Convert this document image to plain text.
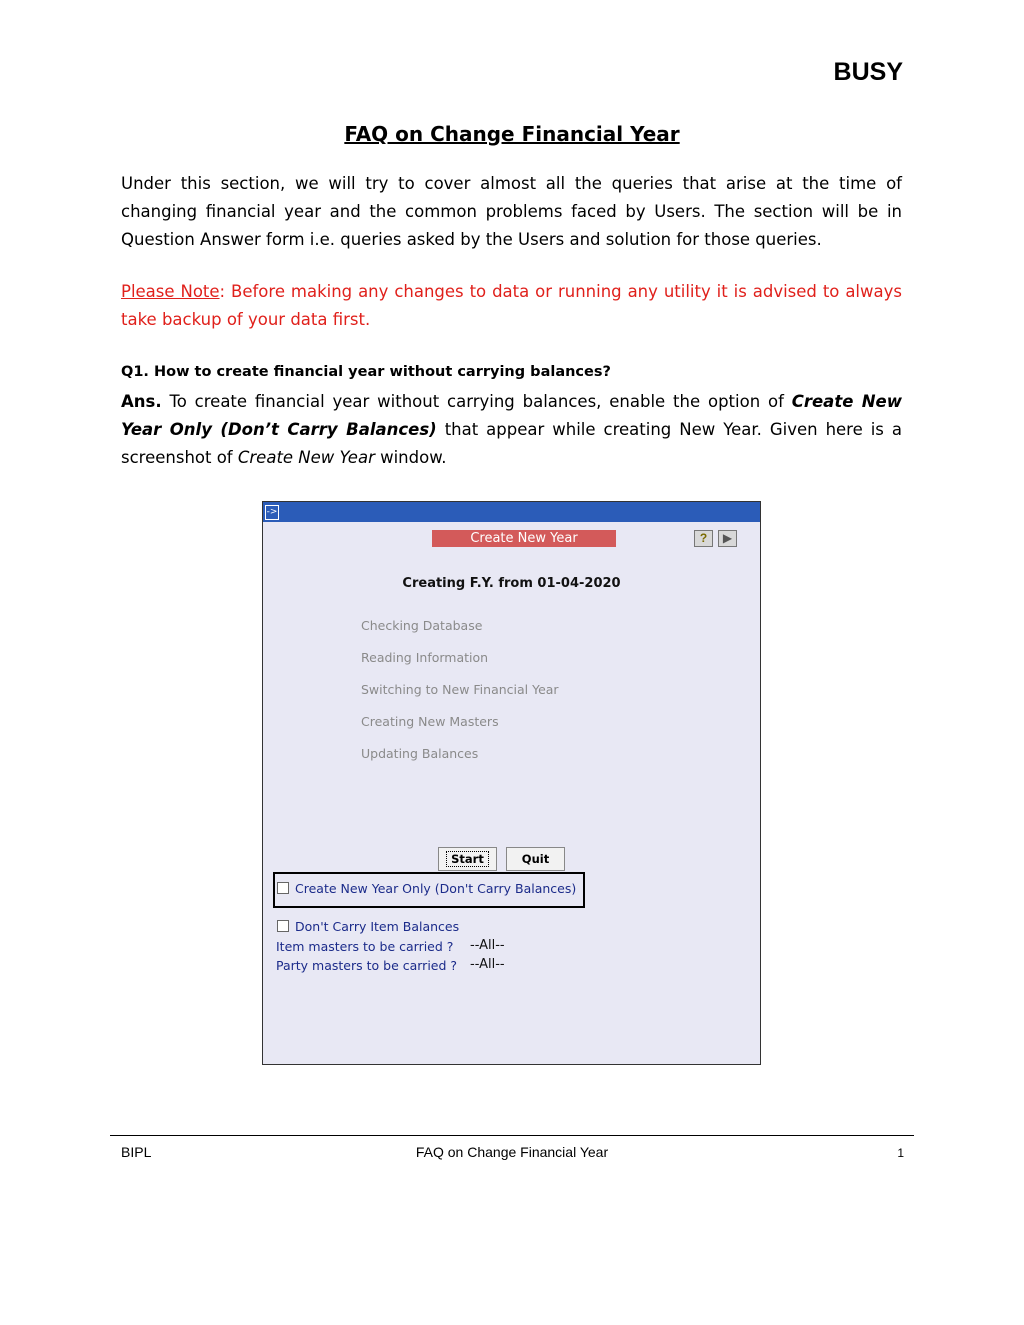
BUSY
FAQ on Change Financial Year
Under this section, we will try to cover almost all the queries that arise at the time of changing financial year and the common problems faced by Users. The section will be in Question Answer form i.e. queries asked by the Users and solution for those queries.
Please Note: Before making any changes to data or running any utility it is advised to always take backup of your data first.
Q1. How to create financial year without carrying balances?
Ans. To create financial year without carrying balances, enable the option of Create New Year Only (Don’t Carry Balances) that appear while creating New Year. Given here is a screenshot of Create New Year window.
->
Create New Year	?	▶
Creating F.Y. from 01-04-2020
Checking Database
Reading Information
Switching to New Financial Year
Creating New Masters
Updating Balances
Start	Quit
Create New Year Only (Don't Carry Balances)
Don't Carry Item Balances
Item masters to be carried ? --All--
Party masters to be carried ? --All--
BIPL	FAQ on Change Financial Year	1
